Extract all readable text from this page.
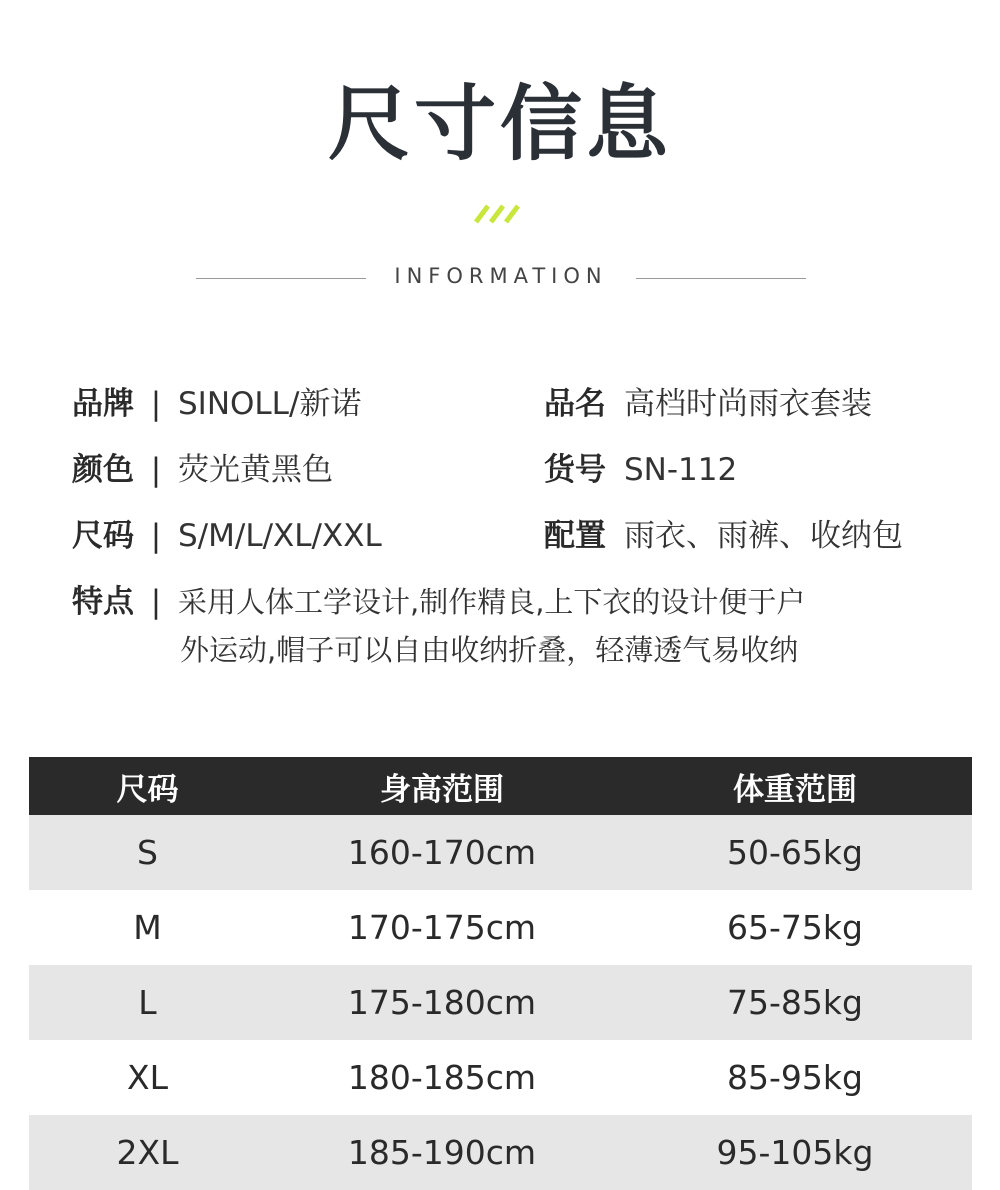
尺寸信息
INFORMATION
品牌 | SINOLL/新诺
颜色 | 荧光黄黑色
尺码 | S/M/L/XL/XXL
品名 高档时尚雨衣套装
货号 SN-112
配置 雨衣、雨裤、收纳包
特点 | 采用人体工学设计,制作精良,上下衣的设计便于户
外运动,帽子可以自由收纳折叠，轻薄透气易收纳
尺码	身高范围	体重范围
S	160-170cm	50-65kg
M	170-175cm	65-75kg
L	175-180cm	75-85kg
XL	180-185cm	85-95kg
2XL	185-190cm	95-105kg
